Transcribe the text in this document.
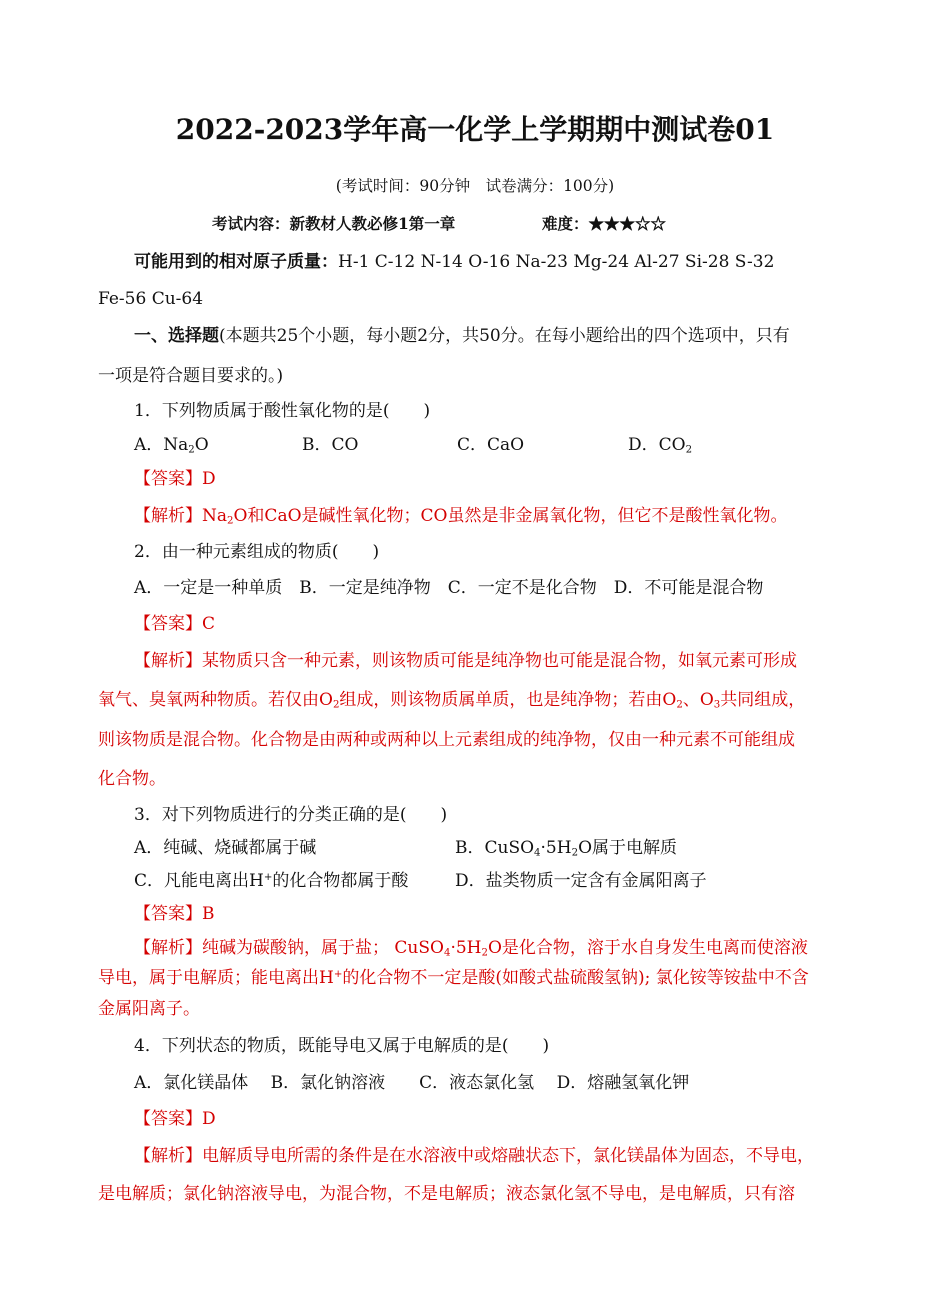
2022-2023学年高一化学上学期期中测试卷01
(考试时间：90分钟　试卷满分：100分)
考试内容：新教材人教必修1第一章	难度：★★★☆☆
可能用到的相对原子质量：H-1 C-12 N-14 O-16 Na-23 Mg-24 Al-27 Si-28 S-32
Fe-56 Cu-64
一、选择题(本题共25个小题，每小题2分，共50分。在每小题给出的四个选项中，只有
一项是符合题目要求的。)
1．下列物质属于酸性氧化物的是(　　)
A．$Na_2O$	B．CO	C．CaO	D．$CO_2$
【答案】D
【解析】$Na_2O$和CaO是碱性氧化物；CO虽然是非金属氧化物，但它不是酸性氧化物。
2．由一种元素组成的物质(　　)
A．一定是一种单质　B．一定是纯净物　C．一定不是化合物　D．不可能是混合物
【答案】C
【解析】某物质只含一种元素，则该物质可能是纯净物也可能是混合物，如氧元素可形成
氧气、臭氧两种物质。若仅由$O_2$组成，则该物质属单质，也是纯净物；若由$O_2$、$O_3$共同组成，
则该物质是混合物。化合物是由两种或两种以上元素组成的纯净物，仅由一种元素不可能组成
化合物。
3．对下列物质进行的分类正确的是(　　)
A．纯碱、烧碱都属于碱	B．$CuSO_4\cdot 5H_2O$属于电解质
C．凡能电离出H+的化合物都属于酸	D．盐类物质一定含有金属阳离子
【答案】B
【解析】纯碱为碳酸钠，属于盐； $CuSO_4\cdot 5H_2O$是化合物，溶于水自身发生电离而使溶液
导电，属于电解质；能电离出H+的化合物不一定是酸(如酸式盐硫酸氢钠); 氯化铵等铵盐中不含
金属阳离子。
4．下列状态的物质，既能导电又属于电解质的是(　　)
A．氯化镁晶体　 B．氯化钠溶液　　C．液态氯化氢　 D．熔融氢氧化钾
【答案】D
【解析】电解质导电所需的条件是在水溶液中或熔融状态下，氯化镁晶体为固态，不导电，
是电解质；氯化钠溶液导电，为混合物，不是电解质；液态氯化氢不导电，是电解质，只有溶
